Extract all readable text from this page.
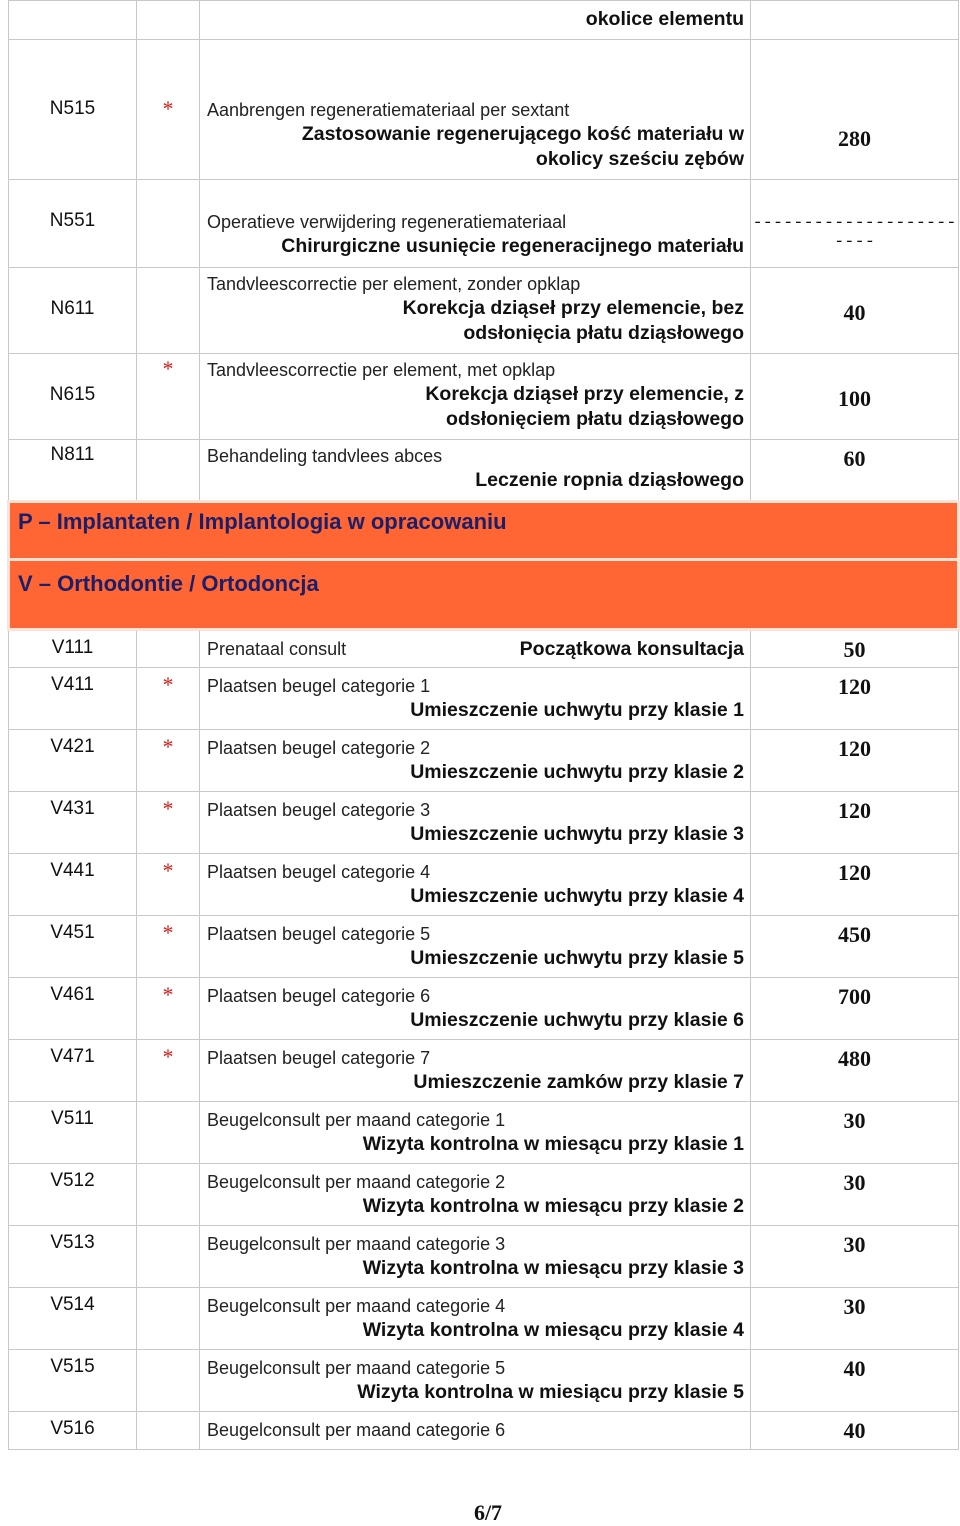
		okolice elementu	

N515	*	Aanbrengen regeneratiemateriaal per sextant
Zastosowanie regenerującego kość materiału w okolicy sześciu zębów	280
N551		Operatieve verwijdering regeneratiemateriaal
Chirurgiczne usunięcie regeneracijnego materiału	------------------------
N611		Tandvleescorrectie per element, zonder opklap
Korekcja dziąseł przy elemencie, bez odsłonięcia płatu dziąsłowego	40
N615	*	Tandvleescorrectie per element, met opklap
Korekcja dziąseł przy elemencie, z odsłonięciem płatu dziąsłowego	100
N811		Behandeling tandvlees abces
Leczenie ropnia dziąsłowego	60
P – Implantaten / Implantologia w opracowaniu			
V – Orthodontie / Ortodoncja			
V111		Prenataal consult Początkowa konsultacja	50
V411	*	Plaatsen beugel categorie 1
Umieszczenie uchwytu przy klasie 1	120
V421	*	Plaatsen beugel categorie 2
Umieszczenie uchwytu przy klasie 2	120
V431	*	Plaatsen beugel categorie 3
Umieszczenie uchwytu przy klasie 3	120
V441	*	Plaatsen beugel categorie 4
Umieszczenie uchwytu przy klasie 4	120
V451	*	Plaatsen beugel categorie 5
Umieszczenie uchwytu przy klasie 5	450
V461	*	Plaatsen beugel categorie 6
Umieszczenie uchwytu przy klasie 6	700
V471	*	Plaatsen beugel categorie 7
Umieszczenie zamków przy klasie 7	480
V511		Beugelconsult per maand categorie 1
Wizyta kontrolna w miesącu przy klasie 1	30
V512		Beugelconsult per maand categorie 2
Wizyta kontrolna w miesącu przy klasie 2	30
V513		Beugelconsult per maand categorie 3
Wizyta kontrolna w miesącu przy klasie 3	30
V514		Beugelconsult per maand categorie 4
Wizyta kontrolna w miesącu przy klasie 4	30
V515		Beugelconsult per maand categorie 5
Wizyta kontrolna w miesiącu przy klasie 5	40
V516		Beugelconsult per maand categorie 6	40
6/7
